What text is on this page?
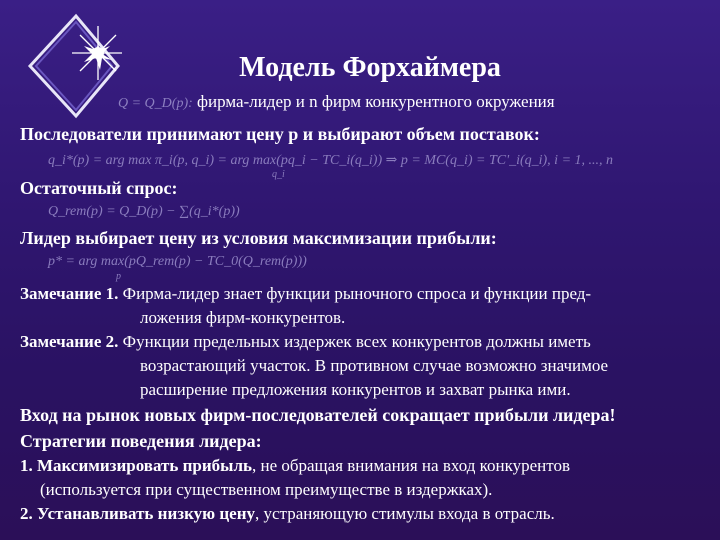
Модель Форхаймера
Q = Q_D(p): фирма-лидер и n фирм конкурентного окружения
Последователи принимают цену p и выбирают объем поставок:
q_i*(p) = arg max π_i(p, q_i) = arg max(pq_i − TC_i(q_i)) ⇒ p = MC(q_i) = TC'_i(q_i), i = 1, ..., n
q_i
Остаточный спрос:
Q_rem(p) = Q_D(p) − ∑(q_i*(p))
Лидер выбирает цену из условия максимизации прибыли:
p* = arg max(pQ_rem(p) − TC_0(Q_rem(p)))
p
Замечание 1. Фирма-лидер знает функции рыночного спроса и функции пред-
ложения фирм-конкурентов.
Замечание 2. Функции предельных издержек всех конкурентов должны иметь
возрастающий участок. В противном случае возможно значимое
расширение предложения конкурентов и захват рынка ими.
Вход на рынок новых фирм-последователей сокращает прибыли лидера!
Стратегии поведения лидера:
1. Максимизировать прибыль, не обращая внимания на вход конкурентов
(используется при существенном преимуществе в издержках).
2. Устанавливать низкую цену, устраняющую стимулы входа в отрасль.
